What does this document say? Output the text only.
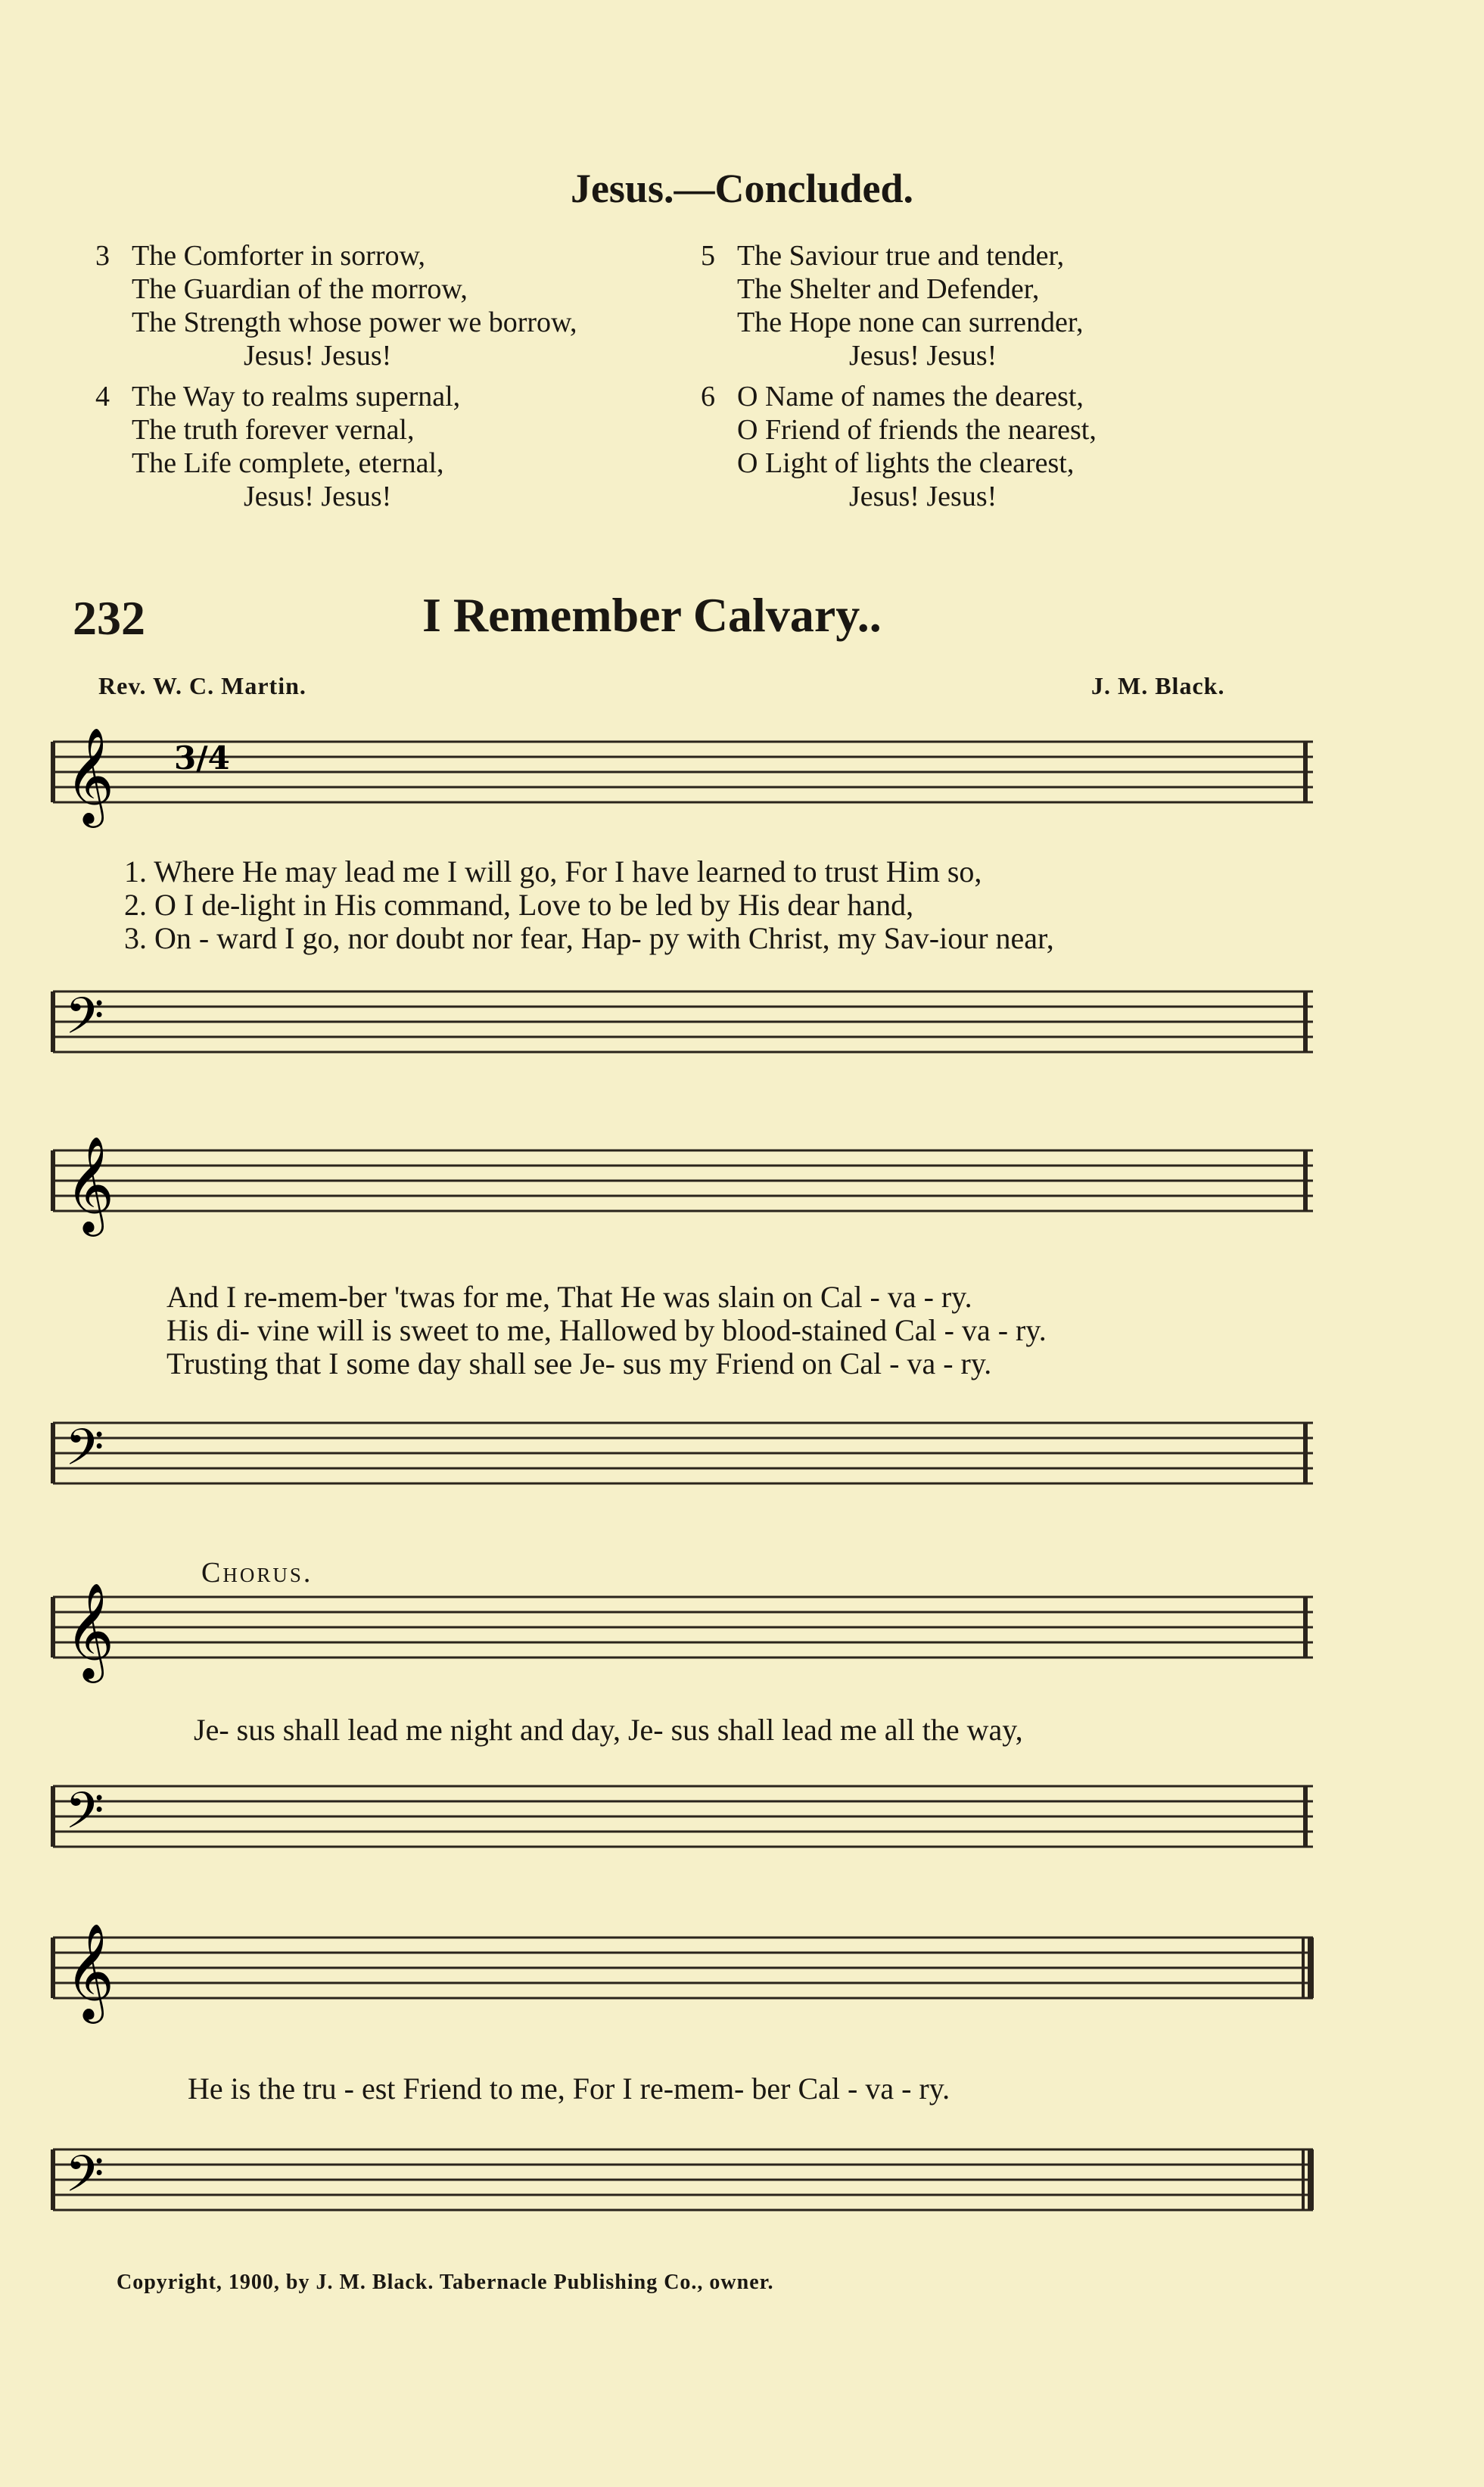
Jesus.—Concluded.
3 The Comforter in sorrow,
The Guardian of the morrow,
The Strength whose power we borrow,
Jesus! Jesus!
4 The Way to realms supernal,
The truth forever vernal,
The Life complete, eternal,
Jesus! Jesus!
5 The Saviour true and tender,
The Shelter and Defender,
The Hope none can surrender,
Jesus! Jesus!
6 O Name of names the dearest,
O Friend of friends the nearest,
O Light of lights the clearest,
Jesus! Jesus!
232	I Remember Calvary..
Rev. W. C. Martin.	J. M. Black.
𝄞 3/4
1. Where He may lead me I will go, For I have learned to trust Him so,
2. O I de-light in His command, Love to be led by His dear hand,
3. On - ward I go, nor doubt nor fear, Hap- py with Christ, my Sav-iour near,
𝄢
𝄞
And I re-mem-ber 'twas for me, That He was slain on Cal - va - ry.
His di- vine will is sweet to me, Hallowed by blood-stained Cal - va - ry.
Trusting that I some day shall see Je- sus my Friend on Cal - va - ry.
𝄢
Chorus.
𝄞
Je- sus shall lead me night and day, Je- sus shall lead me all the way,
𝄢
𝄞
He is the tru - est Friend to me, For I re-mem- ber Cal - va - ry.
𝄢
Copyright, 1900, by J. M. Black. Tabernacle Publishing Co., owner.
